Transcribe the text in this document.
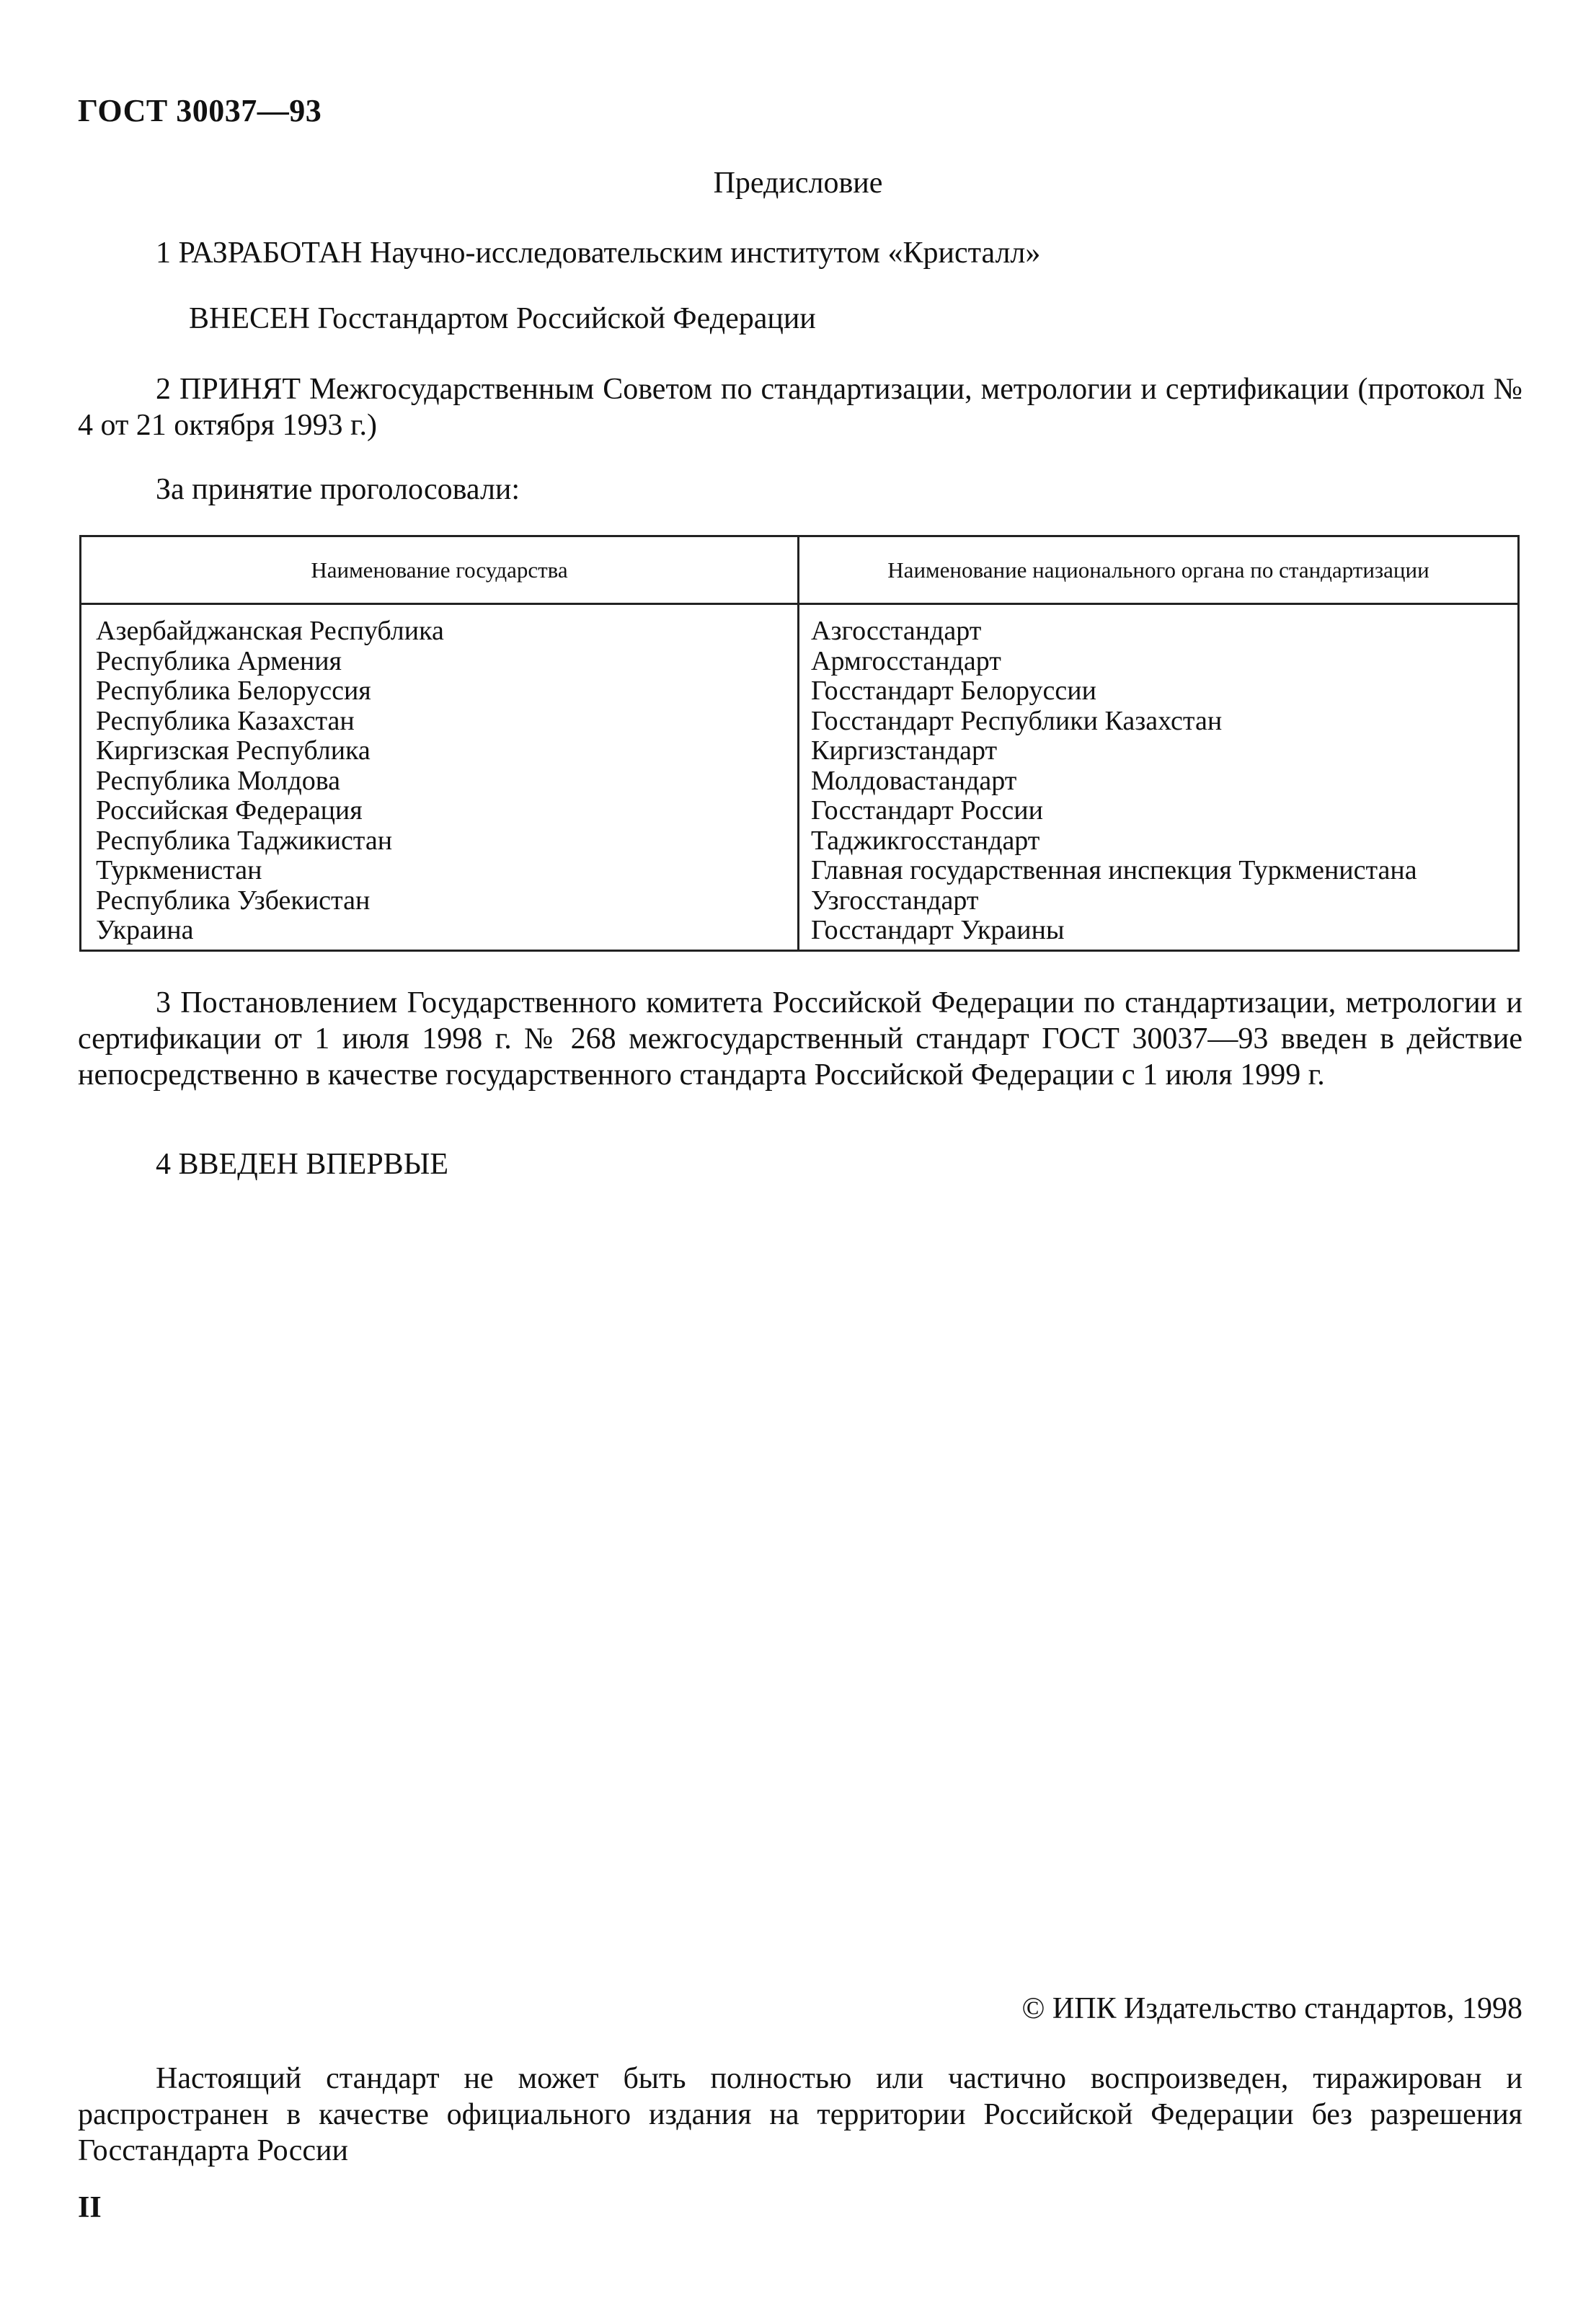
ГОСТ 30037—93
Предисловие
1 РАЗРАБОТАН Научно-исследовательским институтом «Кристалл»
ВНЕСЕН Госстандартом Российской Федерации
2 ПРИНЯТ Межгосударственным Советом по стандартизации, метрологии и сертификации (протокол № 4 от 21 октября 1993 г.)
За принятие проголосовали:
Наименование государства	Наименование национального органа по стандартизации
Азербайджанская Республика
Республика Армения
Республика Белоруссия
Республика Казахстан
Киргизская Республика
Республика Молдова
Российская Федерация
Республика Таджикистан
Туркменистан
Республика Узбекистан
Украина
Азгосстандарт
Армгосстандарт
Госстандарт Белоруссии
Госстандарт Республики Казахстан
Киргизстандарт
Молдовастандарт
Госстандарт России
Таджикгосстандарт
Главная государственная инспекция Туркменистана
Узгосстандарт
Госстандарт Украины
3 Постановлением Государственного комитета Российской Федерации по стандартизации, метрологии и сертификации от 1 июля 1998 г. № 268 межгосударственный стандарт ГОСТ 30037—93 введен в действие непосредственно в качестве государственного стандарта Российской Федерации с 1 июля 1999 г.
4 ВВЕДЕН ВПЕРВЫЕ
© ИПК Издательство стандартов, 1998
Настоящий стандарт не может быть полностью или частично воспроизведен, тиражирован и распространен в качестве официального издания на территории Российской Федерации без разрешения Госстандарта России
II
